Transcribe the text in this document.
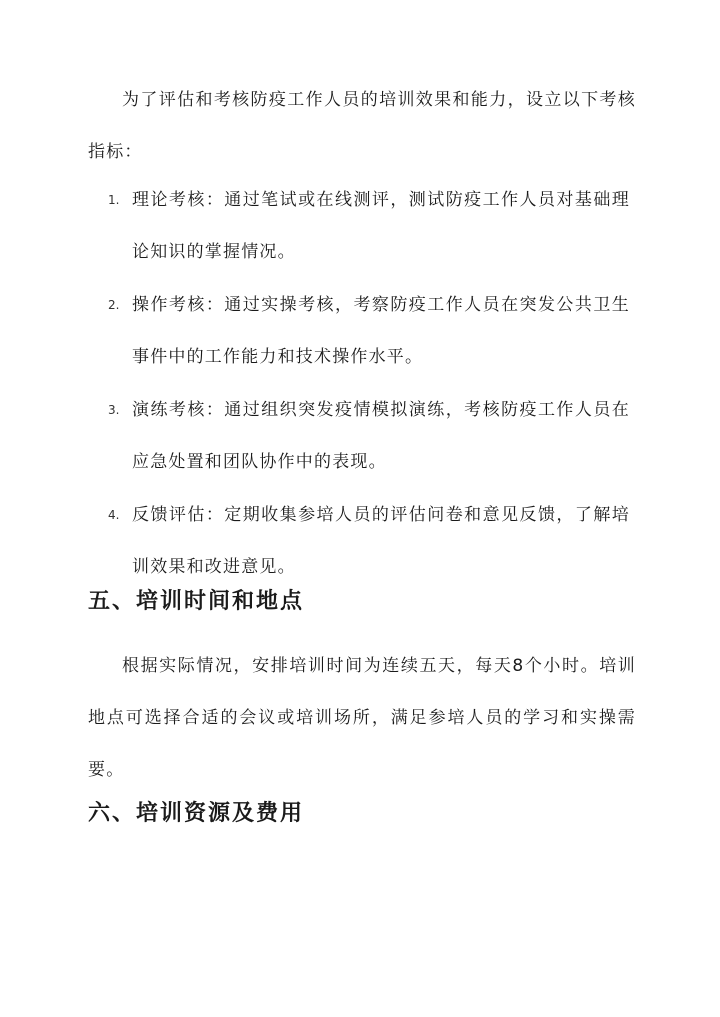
为了评估和考核防疫工作人员的培训效果和能力，设立以下考核指标：

1. 理论考核：通过笔试或在线测评，测试防疫工作人员对基础理论知识的掌握情况。
2. 操作考核：通过实操考核，考察防疫工作人员在突发公共卫生事件中的工作能力和技术操作水平。
3. 演练考核：通过组织突发疫情模拟演练，考核防疫工作人员在应急处置和团队协作中的表现。
4. 反馈评估：定期收集参培人员的评估问卷和意见反馈，了解培训效果和改进意见。
五、培训时间和地点

根据实际情况，安排培训时间为连续五天，每天8个小时。培训地点可选择合适的会议或培训场所，满足参培人员的学习和实操需要。

六、培训资源及费用
